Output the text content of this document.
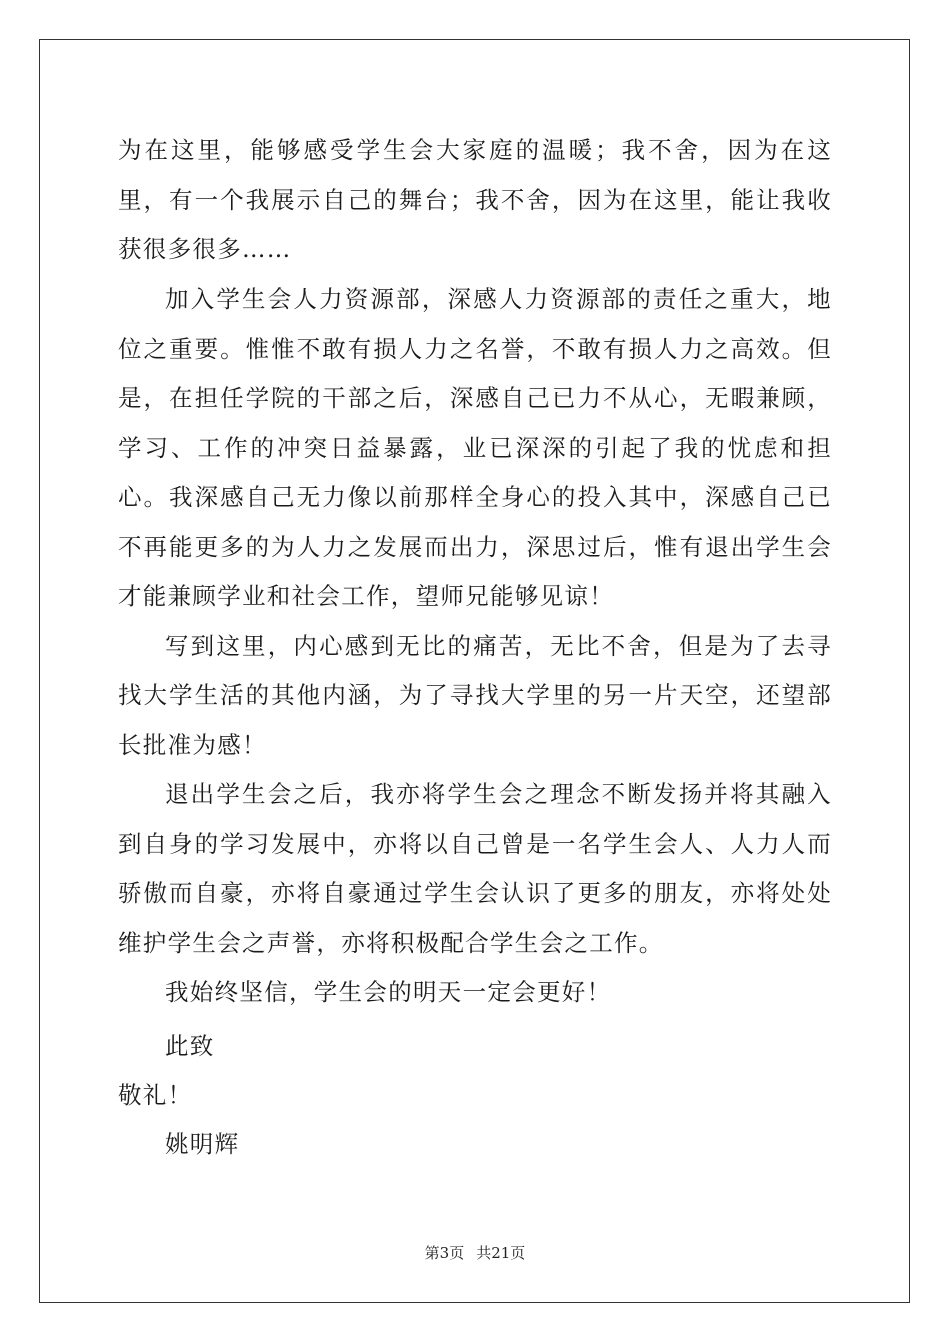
为在这里，能够感受学生会大家庭的温暖；我不舍，因为在这里，有一个我展示自己的舞台；我不舍，因为在这里，能让我收获很多很多……

加入学生会人力资源部，深感人力资源部的责任之重大，地位之重要。惟惟不敢有损人力之名誉，不敢有损人力之高效。但是，在担任学院的干部之后，深感自己已力不从心，无暇兼顾，学习、工作的冲突日益暴露，业已深深的引起了我的忧虑和担心。我深感自己无力像以前那样全身心的投入其中，深感自己已不再能更多的为人力之发展而出力，深思过后，惟有退出学生会才能兼顾学业和社会工作，望师兄能够见谅！

写到这里，内心感到无比的痛苦，无比不舍，但是为了去寻找大学生活的其他内涵，为了寻找大学里的另一片天空，还望部长批准为感！

退出学生会之后，我亦将学生会之理念不断发扬并将其融入到自身的学习发展中，亦将以自己曾是一名学生会人、人力人而骄傲而自豪，亦将自豪通过学生会认识了更多的朋友，亦将处处维护学生会之声誉，亦将积极配合学生会之工作。

我始终坚信，学生会的明天一定会更好！

此致

敬礼！

姚明辉

第3页 共21页
